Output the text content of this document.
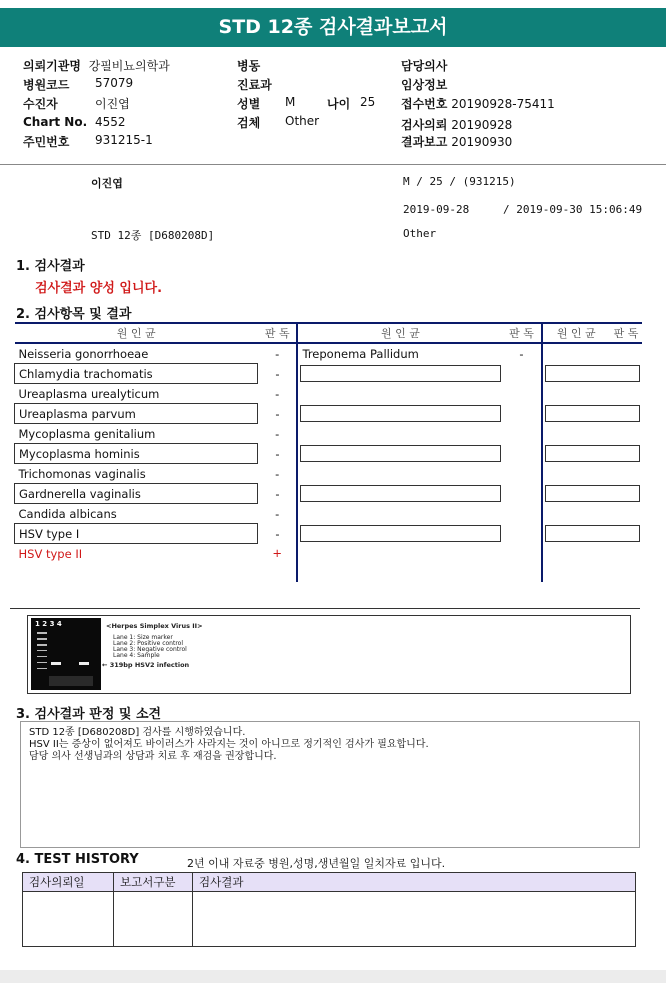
STD 12종 검사결과보고서
의뢰기관명 강필비뇨의학과
병원코드 57079
수진자	이진엽
Chart No. 4552
주민번호 931215-1
병동
진료과
성별 M	나이 25
검체 Other
담당의사
임상정보
접수번호 20190928-75411
검사의뢰 20190928
결과보고 20190930
이진엽	M / 25 / (931215)
2019-09-28	/ 2019-09-30 15:06:49
STD 12종 [D680208D]	Other
1. 검사결과
검사결과 양성 입니다.
2. 검사항목 및 결과
원 인 균	판 독	원 인 균	판 독	원 인 균	판 독
Neisseria gonorrhoeae	-	Treponema Pallidum	-		
Chlamydia trachomatis	-		

Ureaplasma urealyticum	-				
Ureaplasma parvum	-		

Mycoplasma genitalium	-				
Mycoplasma hominis	-		

Trichomonas vaginalis	-				
Gardnerella vaginalis	-		

Candida albicans	-				
HSV type I	-		

HSV type II	+				

1 2 3 4	<Herpes Simplex Virus II>
Lane 1: Size marker
Lane 2: Positive control
Lane 3: Negative control
Lane 4: Sample
← 319bp HSV2 infection
3. 검사결과 판정 및 소견
STD 12종 [D680208D] 검사를 시행하였습니다.
HSV II는 증상이 없어져도 바이러스가 사라지는 것이 아니므로 정기적인 검사가 필요합니다.
담당 의사 선생님과의 상담과 치료 후 재검을 권장합니다.
4. TEST HISTORY	2년 이내 자료중 병원,성명,생년월일 일치자료 입니다.
검사의뢰일	보고서구분	검사결과
